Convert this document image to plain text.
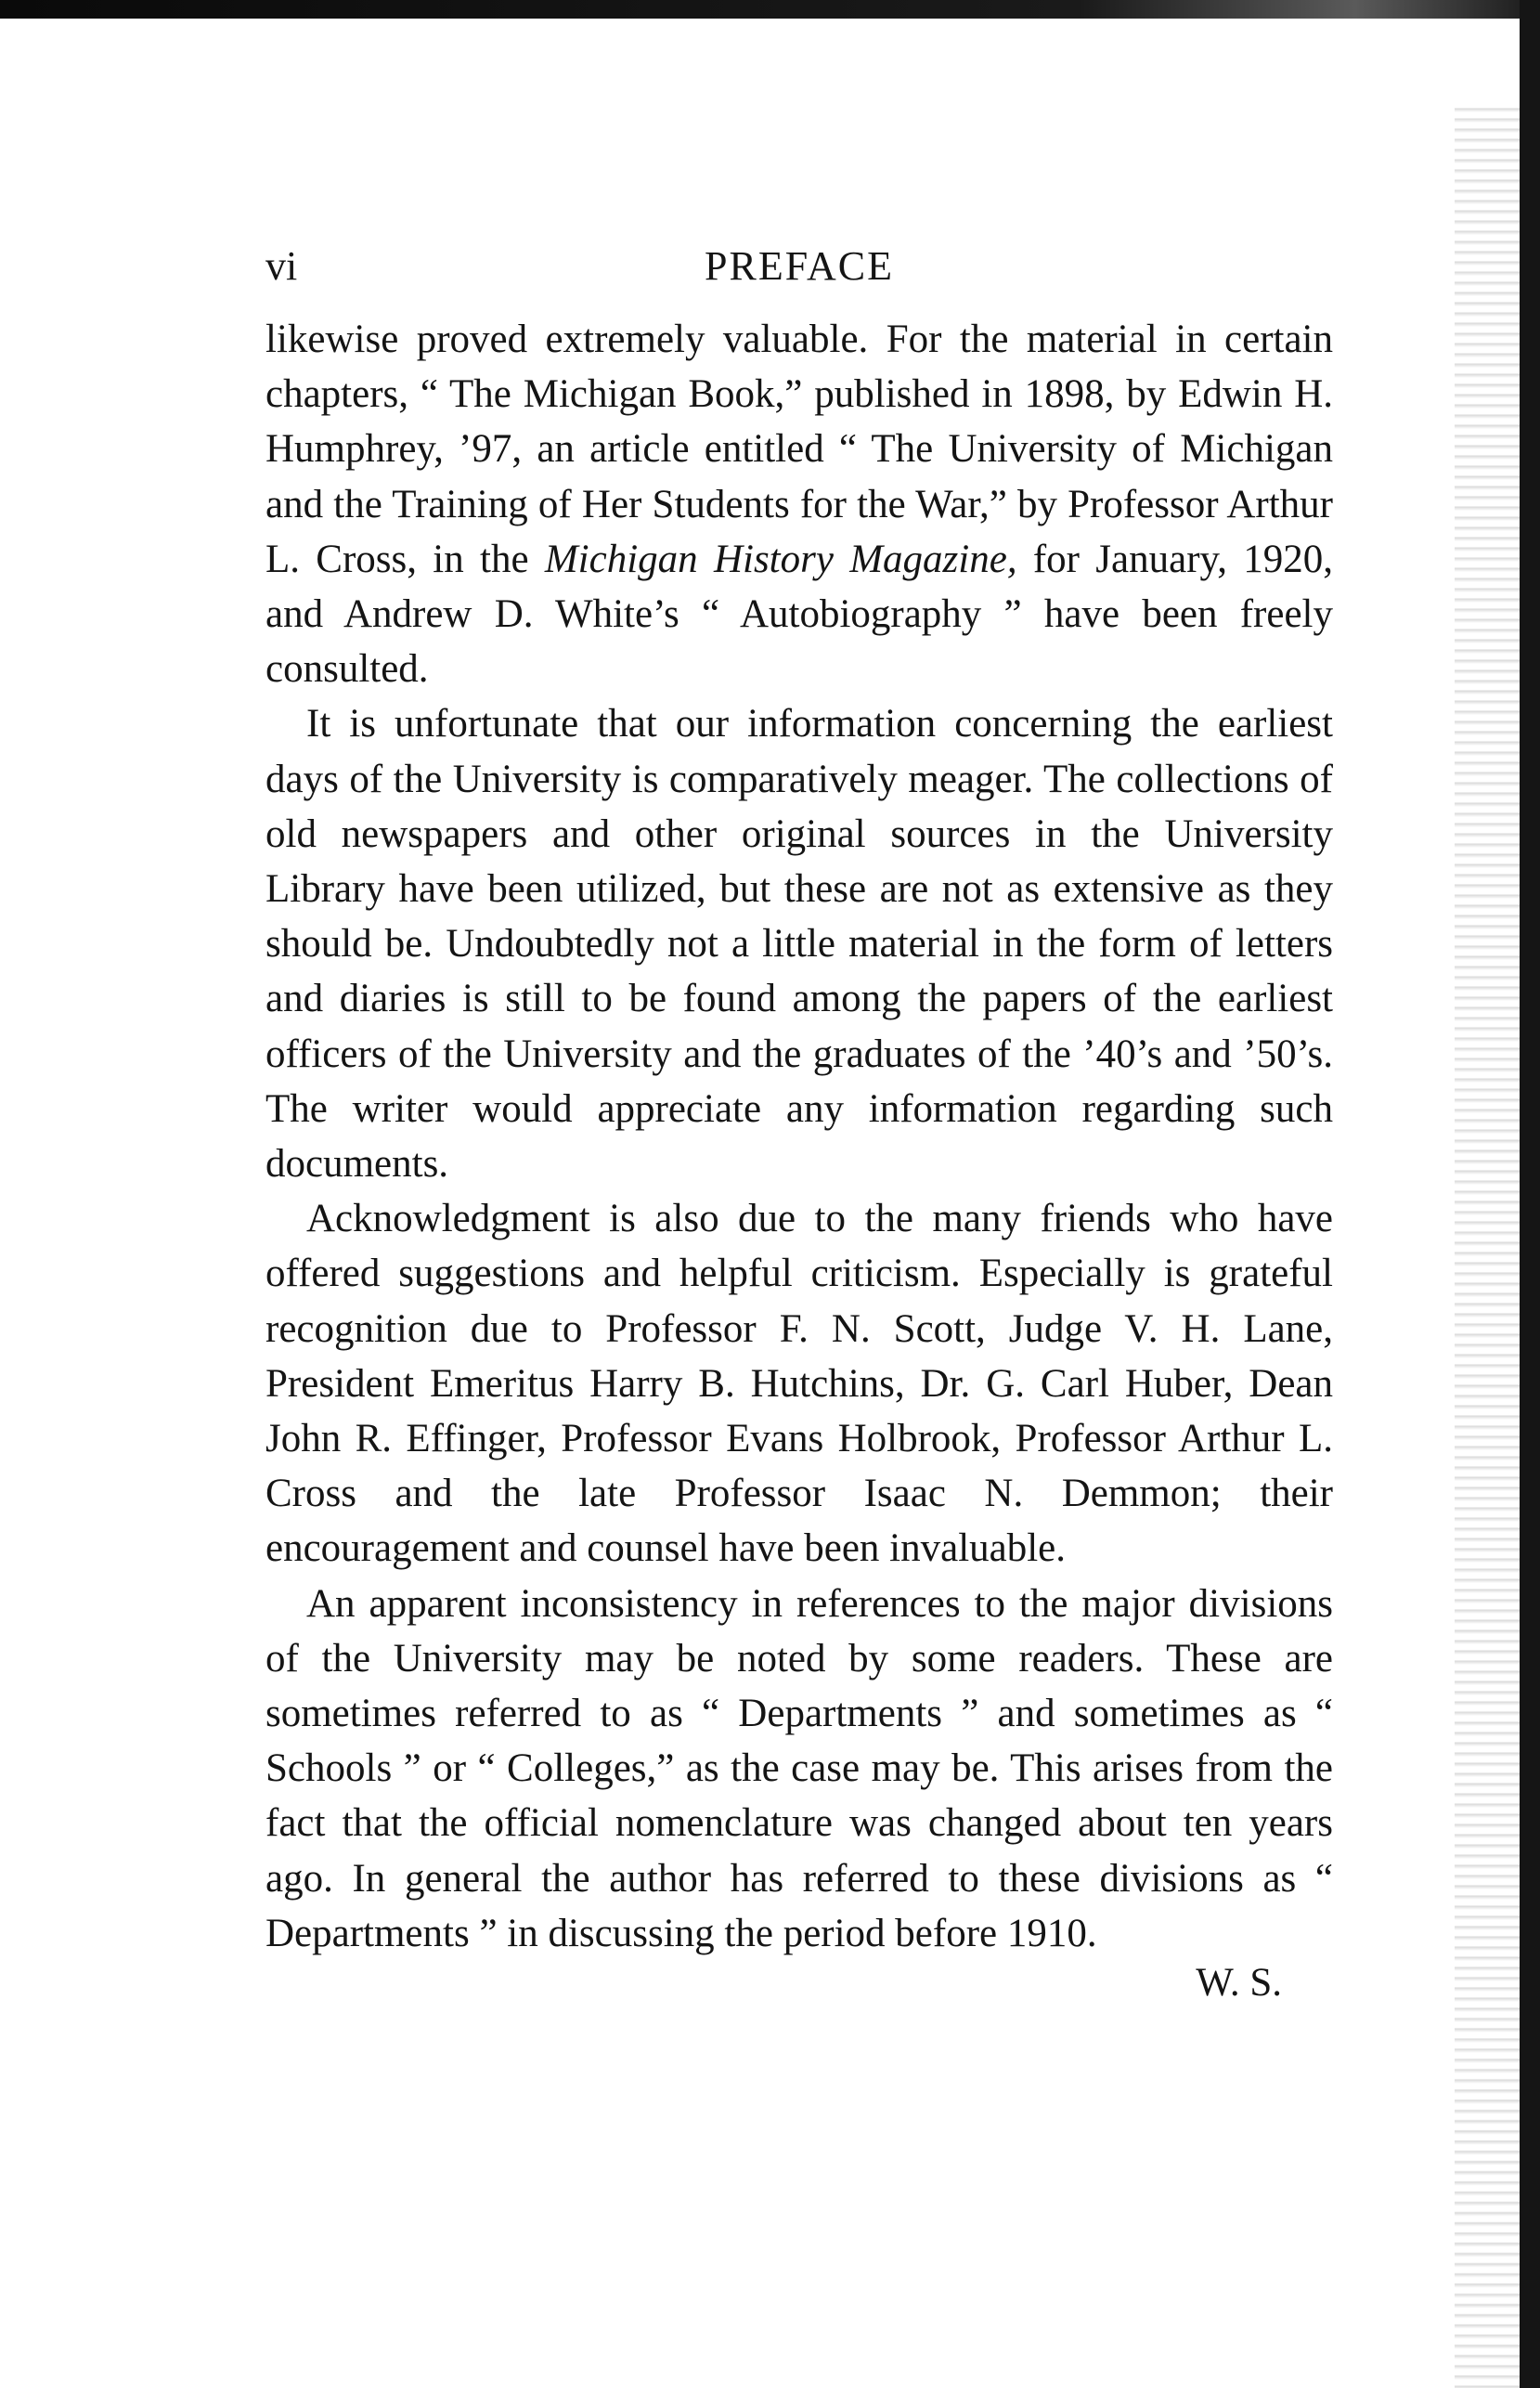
vi	PREFACE

likewise proved extremely valuable. For the material in certain chapters, “ The Michigan Book,” published in 1898, by Edwin H. Humphrey, ’97, an article entitled “ The University of Michigan and the Training of Her Students for the War,” by Professor Arthur L. Cross, in the Michigan History Magazine, for January, 1920, and Andrew D. White’s “ Autobiography ” have been freely consulted.

It is unfortunate that our information concerning the earliest days of the University is comparatively meager. The collections of old newspapers and other original sources in the University Library have been utilized, but these are not as extensive as they should be. Undoubtedly not a little material in the form of letters and diaries is still to be found among the papers of the earliest officers of the University and the graduates of the ’40’s and ’50’s. The writer would appreciate any information regarding such documents.

Acknowledgment is also due to the many friends who have offered suggestions and helpful criticism. Especially is grateful recognition due to Professor F. N. Scott, Judge V. H. Lane, President Emeritus Harry B. Hutchins, Dr. G. Carl Huber, Dean John R. Effinger, Professor Evans Holbrook, Professor Arthur L. Cross and the late Professor Isaac N. Demmon; their encouragement and counsel have been invaluable.

An apparent inconsistency in references to the major divisions of the University may be noted by some readers. These are sometimes referred to as “ Departments ” and sometimes as “ Schools ” or “ Colleges,” as the case may be. This arises from the fact that the official nomenclature was changed about ten years ago. In general the author has referred to these divisions as “ Departments ” in discussing the period before 1910.

W. S.
